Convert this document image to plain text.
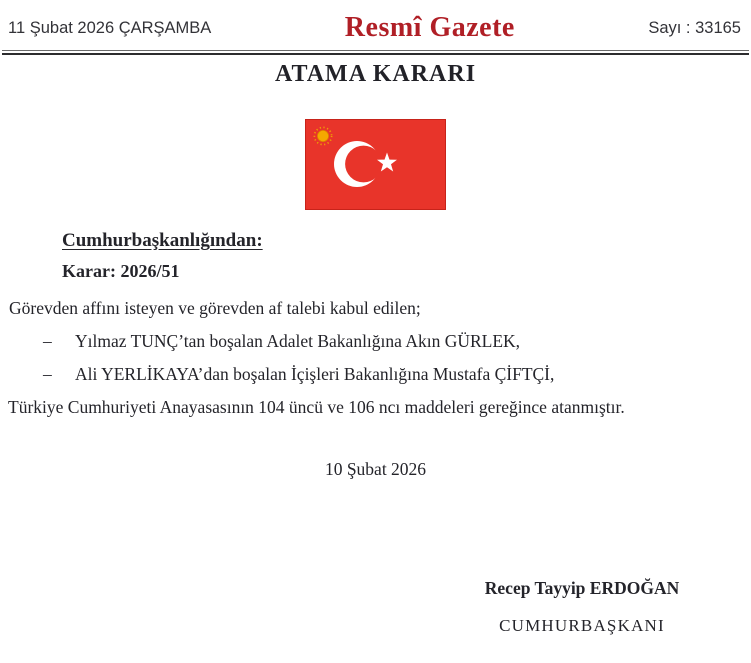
11 Şubat 2026 ÇARŞAMBA	Resmî Gazete	Sayı : 33165
ATAMA KARARI
Cumhurbaşkanlığından:
Karar: 2026/51
Görevden affını isteyen ve görevden af talebi kabul edilen;
–	Yılmaz TUNÇ’tan boşalan Adalet Bakanlığına Akın GÜRLEK,
–	Ali YERLİKAYA’dan boşalan İçişleri Bakanlığına Mustafa ÇİFTÇİ,
Türkiye Cumhuriyeti Anayasasının 104 üncü ve 106 ncı maddeleri gereğince atanmıştır.
10 Şubat 2026
Recep Tayyip ERDOĞAN
CUMHURBAŞKANI
